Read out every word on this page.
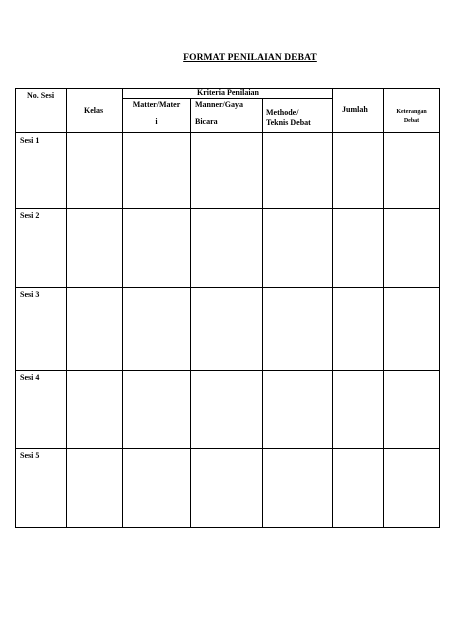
FORMAT PENILAIAN DEBAT
No. Sesi
Kelas
Kriteria Penilaian
Matter/Mater
i
Manner/Gaya
Bicara
Methode/
Teknis Debat
Jumlah	Keterangan
Debat
Sesi 1
Sesi 2
Sesi 3
Sesi 4
Sesi 5
